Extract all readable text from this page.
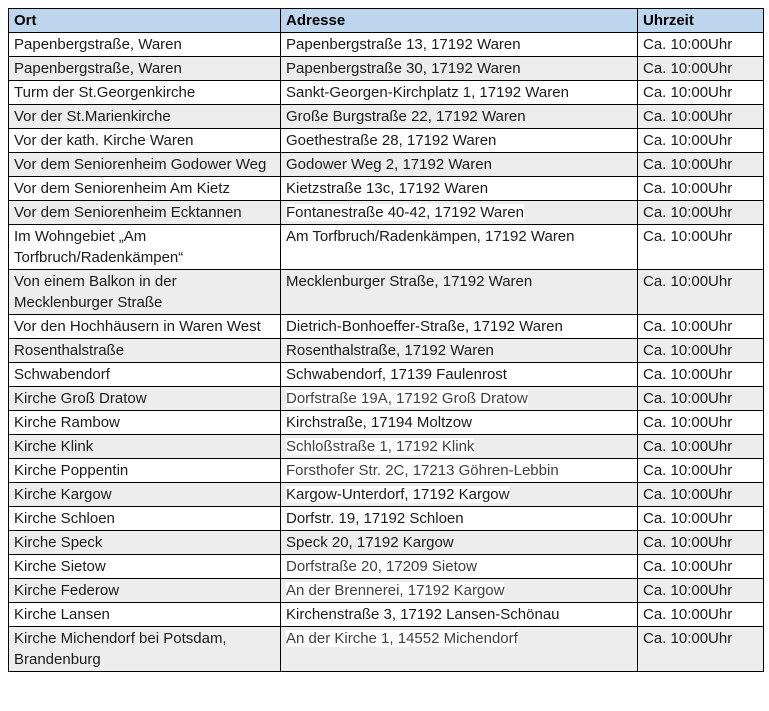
Ort	Adresse	Uhrzeit
Papenbergstraße, Waren	Papenbergstraße 13, 17192 Waren	Ca. 10:00Uhr
Papenbergstraße, Waren	Papenbergstraße 30, 17192 Waren	Ca. 10:00Uhr
Turm der St.Georgenkirche	Sankt-Georgen-Kirchplatz 1, 17192 Waren	Ca. 10:00Uhr
Vor der St.Marienkirche	Große Burgstraße 22, 17192 Waren	Ca. 10:00Uhr
Vor der kath. Kirche Waren	Goethestraße 28, 17192 Waren	Ca. 10:00Uhr
Vor dem Seniorenheim Godower Weg	Godower Weg 2, 17192 Waren	Ca. 10:00Uhr
Vor dem Seniorenheim Am Kietz	Kietzstraße 13c, 17192 Waren	Ca. 10:00Uhr
Vor dem Seniorenheim Ecktannen	Fontanestraße 40-42, 17192 Waren	Ca. 10:00Uhr
Im Wohngebiet „Am Torfbruch/Radenkämpen“	Am Torfbruch/Radenkämpen, 17192 Waren	Ca. 10:00Uhr
Von einem Balkon in der Mecklenburger Straße	Mecklenburger Straße, 17192 Waren	Ca. 10:00Uhr
Vor den Hochhäusern in Waren West	Dietrich-Bonhoeffer-Straße, 17192 Waren	Ca. 10:00Uhr
Rosenthalstraße	Rosenthalstraße, 17192 Waren	Ca. 10:00Uhr
Schwabendorf	Schwabendorf, 17139 Faulenrost	Ca. 10:00Uhr
Kirche Groß Dratow	Dorfstraße 19A, 17192 Groß Dratow	Ca. 10:00Uhr
Kirche Rambow	Kirchstraße, 17194 Moltzow	Ca. 10:00Uhr
Kirche Klink	Schloßstraße 1, 17192 Klink	Ca. 10:00Uhr
Kirche Poppentin	Forsthofer Str. 2C, 17213 Göhren-Lebbin	Ca. 10:00Uhr
Kirche Kargow	Kargow-Unterdorf, 17192 Kargow	Ca. 10:00Uhr
Kirche Schloen	Dorfstr. 19, 17192 Schloen	Ca. 10:00Uhr
Kirche Speck	Speck 20, 17192 Kargow	Ca. 10:00Uhr
Kirche Sietow	Dorfstraße 20, 17209 Sietow	Ca. 10:00Uhr
Kirche Federow	An der Brennerei, 17192 Kargow	Ca. 10:00Uhr
Kirche Lansen	Kirchenstraße 3, 17192 Lansen-Schönau	Ca. 10:00Uhr
Kirche Michendorf bei Potsdam, Brandenburg	An der Kirche 1, 14552 Michendorf	Ca. 10:00Uhr
